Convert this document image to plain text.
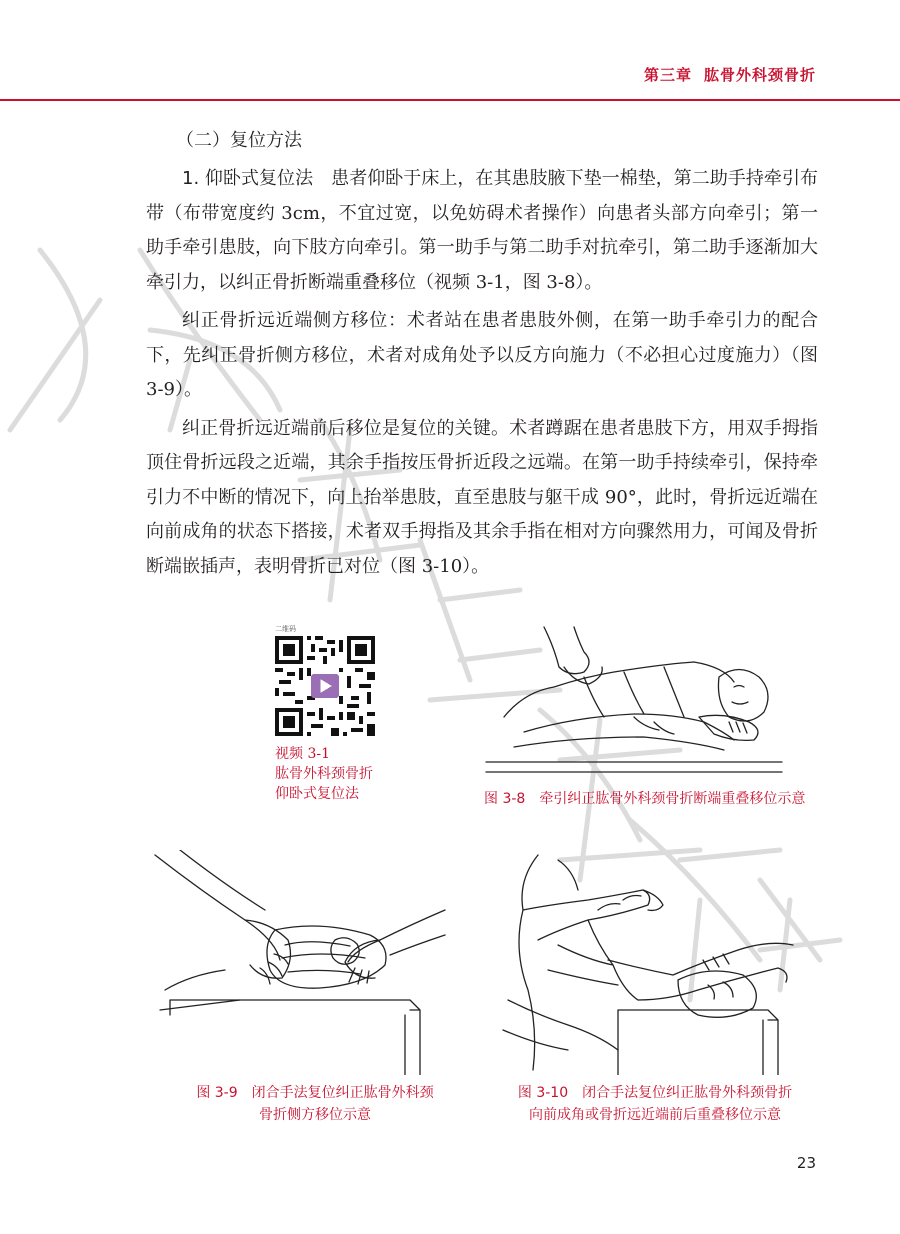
第三章 肱骨外科颈骨折
（二）复位方法

1. 仰卧式复位法  患者仰卧于床上，在其患肢腋下垫一棉垫，第二助手持牵引布带（布带宽度约 3cm，不宜过宽，以免妨碍术者操作）向患者头部方向牵引；第一助手牵引患肢，向下肢方向牵引。第一助手与第二助手对抗牵引，第二助手逐渐加大牵引力，以纠正骨折断端重叠移位（视频 3-1，图 3-8）。

纠正骨折远近端侧方移位：术者站在患者患肢外侧，在第一助手牵引力的配合下，先纠正骨折侧方移位，术者对成角处予以反方向施力（不必担心过度施力）（图 3-9）。

纠正骨折远近端前后移位是复位的关键。术者蹲踞在患者患肢下方，用双手拇指顶住骨折远段之近端，其余手指按压骨折近段之远端。在第一助手持续牵引，保持牵引力不中断的情况下，向上抬举患肢，直至患肢与躯干成 90°，此时，骨折远近端在向前成角的状态下搭接，术者双手拇指及其余手指在相对方向骤然用力，可闻及骨折断端嵌插声，表明骨折已对位（图 3-10）。

二维码
视频 3-1
肱骨外科颈骨折
仰卧式复位法	图 3-8  牵引纠正肱骨外科颈骨折断端重叠移位示意
图 3-9  闭合手法复位纠正肱骨外科颈
骨折侧方移位示意
图 3-10  闭合手法复位纠正肱骨外科颈骨折
向前成角或骨折远近端前后重叠移位示意
23
